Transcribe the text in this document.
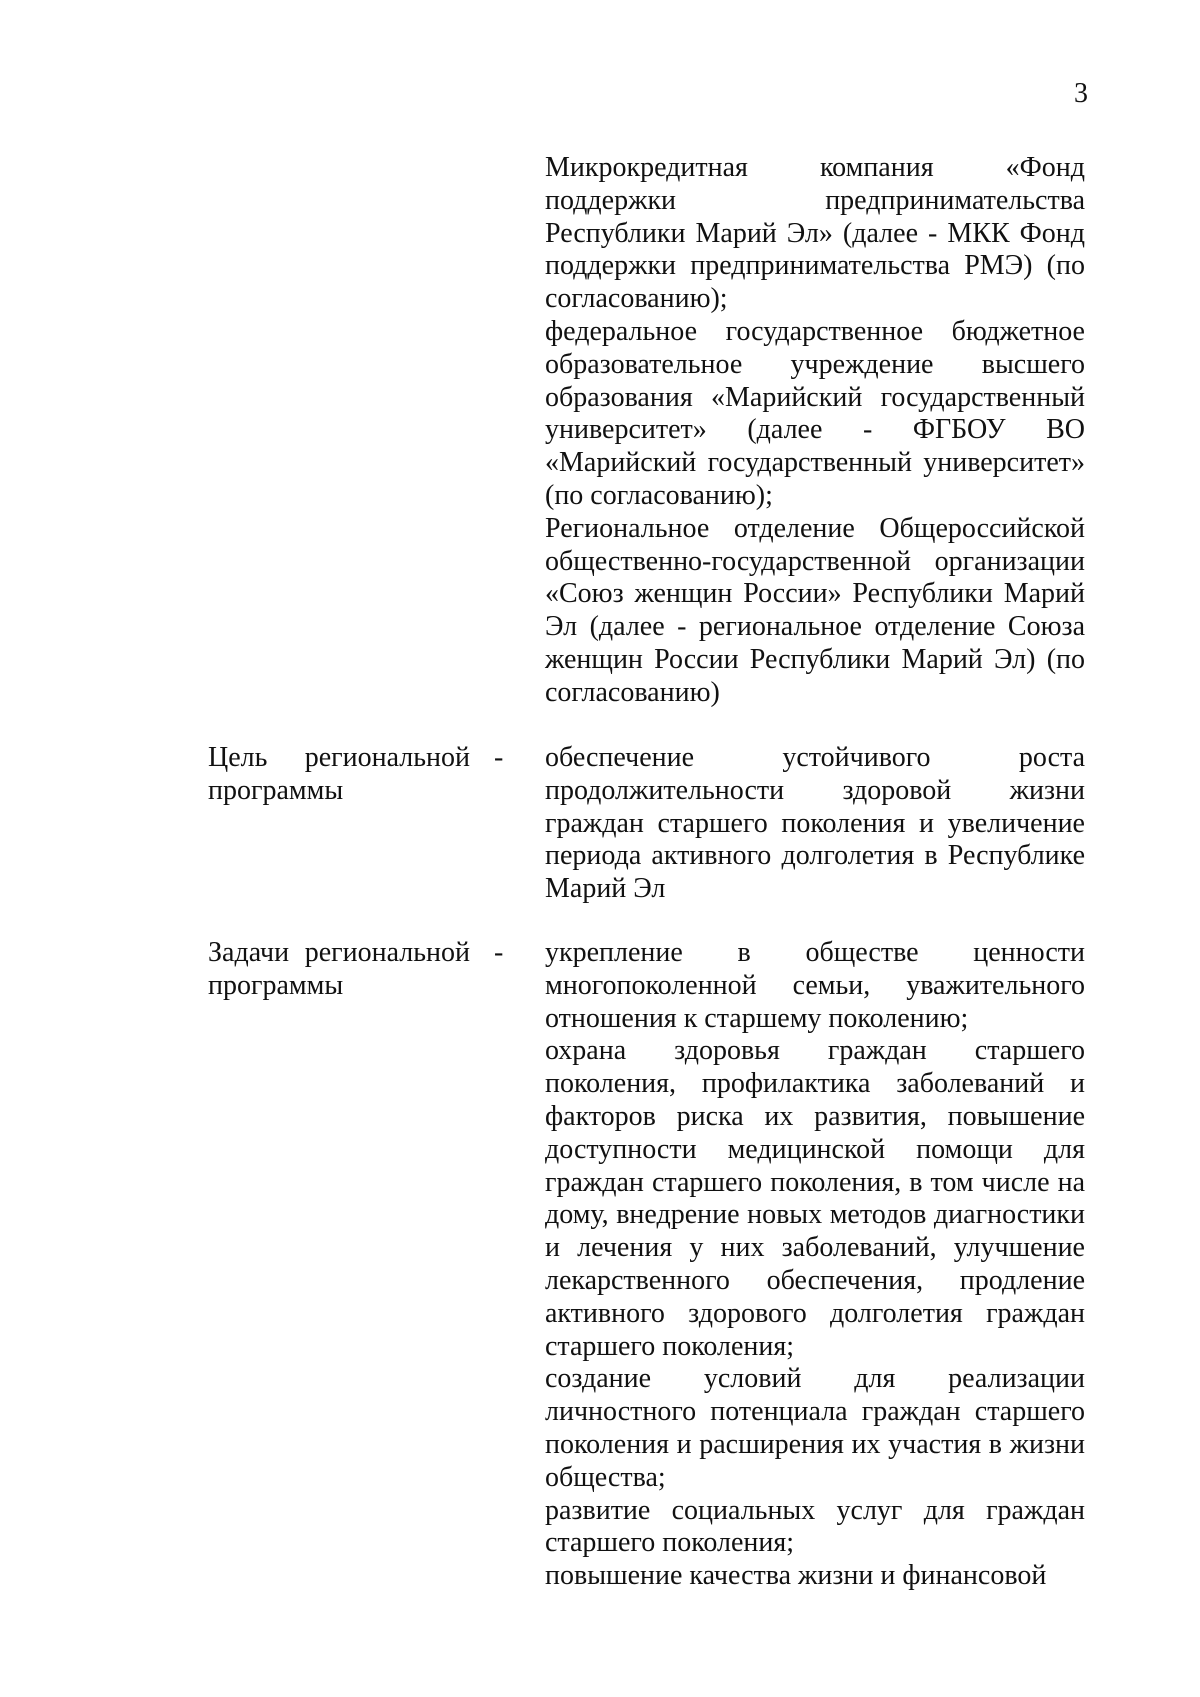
3

Микрокредитная компания «Фонд поддержки предпринимательства Республики Марий Эл» (далее - МКК Фонд поддержки предпринимательства РМЭ) (по согласованию);

федеральное государственное бюджетное образовательное учреждение высшего образования «Марийский государственный университет» (далее - ФГБОУ ВО «Марийский государственный университет» (по согласованию);

Региональное отделение Общероссийской общественно-государственной организации «Союз женщин России» Республики Марий Эл (далее - региональное отделение Союза женщин России Республики Марий Эл) (по согласованию)

Цель региональной программы
- обеспечение устойчивого роста продолжительности здоровой жизни граждан старшего поколения и увеличение периода активного долголетия в Республике Марий Эл
Задачи региональной программы
- укрепление в обществе ценности многопоколенной семьи, уважительного отношения к старшему поколению;

охрана здоровья граждан старшего поколения, профилактика заболеваний и факторов риска их развития, повышение доступности медицинской помощи для граждан старшего поколения, в том числе на дому, внедрение новых методов диагностики и лечения у них заболеваний, улучшение лекарственного обеспечения, продление активного здорового долголетия граждан старшего поколения;

создание условий для реализации личностного потенциала граждан старшего поколения и расширения их участия в жизни общества;

развитие социальных услуг для граждан старшего поколения;

повышение качества жизни и финансовой
